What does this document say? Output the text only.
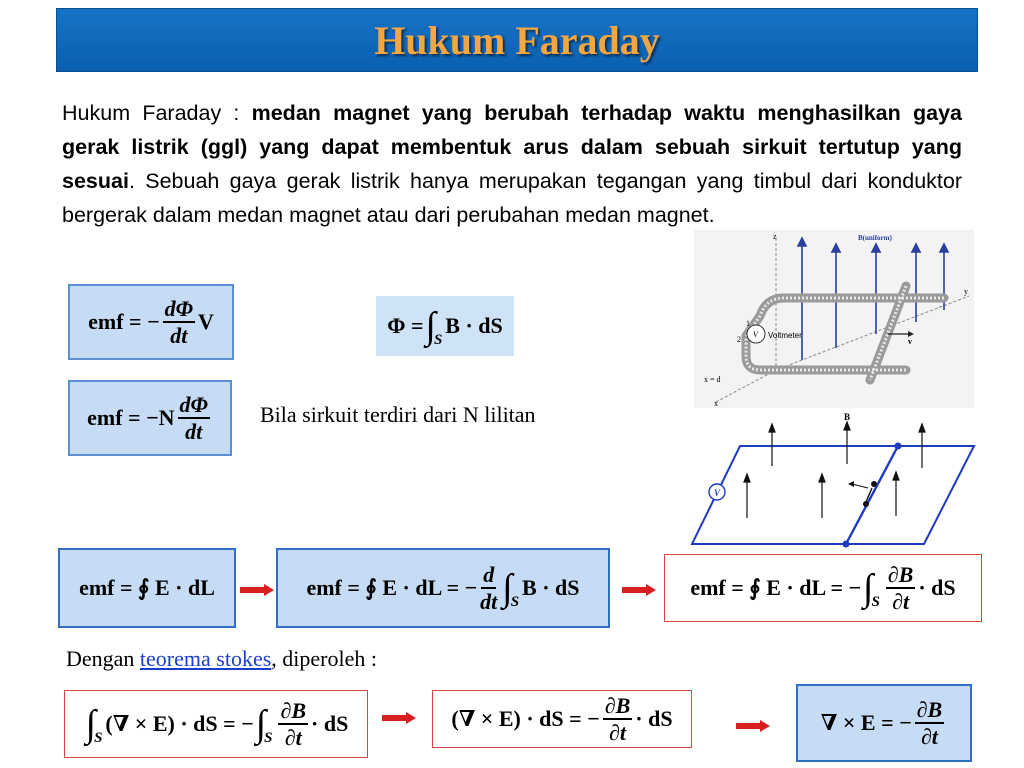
Hukum Faraday
Hukum Faraday : medan magnet yang berubah terhadap waktu menghasilkan gaya gerak listrik (ggl) yang dapat membentuk arus dalam sebuah sirkuit tertutup yang sesuai. Sebuah gaya gerak listrik hanya merupakan tegangan yang timbul dari konduktor bergerak dalam medan magnet atau dari perubahan medan magnet.
emf = − $\frac{d\Phi}{dt}$ V	Φ = ∫
S
B · dS
emf = $-N \frac{d\Phi}{dt}$ Bila sirkuit terdiri dari N lilitan
z
y
x
x = d
B(uniform)
V Voltmeter
1
2	v
V
B
emf = ∮ E · dL	emf = ∮ E · dL = − $\frac{d}{dt}$ ∫
S
B · dS	emf = ∮ E · dL = − ∫
S $\frac{\partial B}{\partial t}$ · dS
Dengan teorema stokes, diperoleh :
∫
S
(∇ × E) · dS = − ∫
S $\frac{\partial B}{\partial t}$ · dS	(∇ × E) · dS = − $\frac{\partial B}{\partial t}$ · dS	∇ × E = − $\frac{\partial B}{\partial t}$
